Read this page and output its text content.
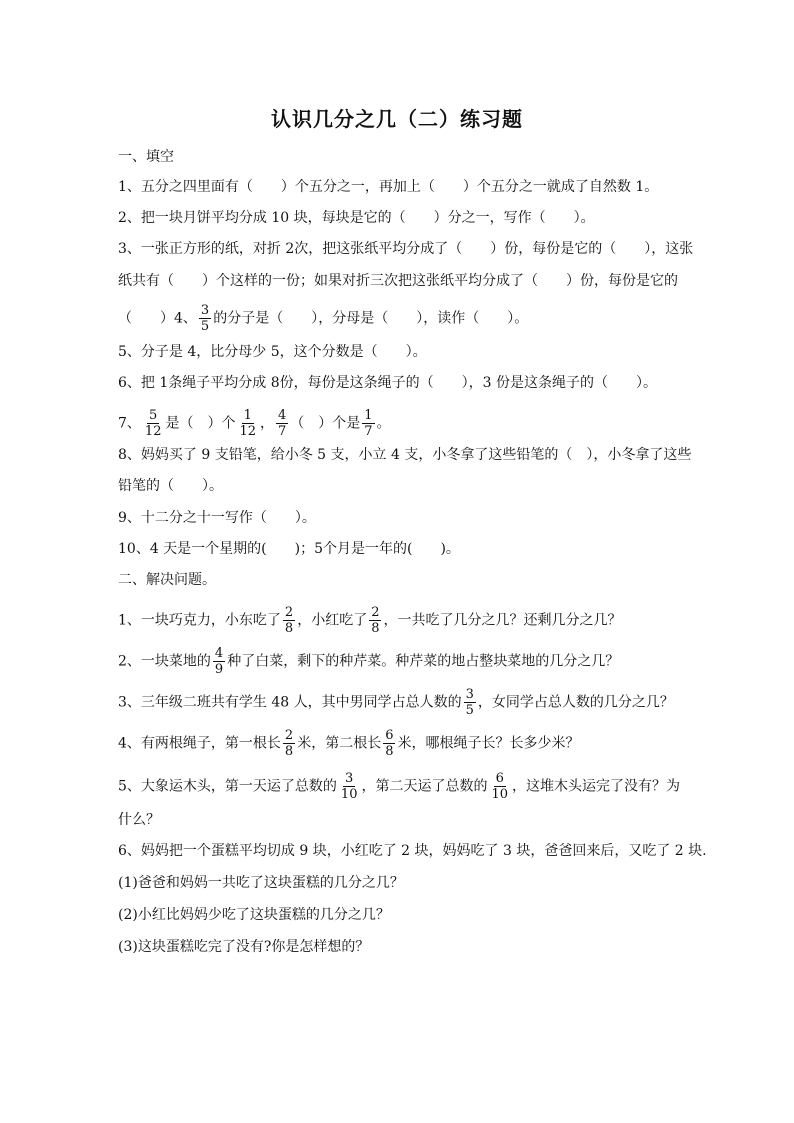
认识几分之几（二）练习题
一、填空
1、五分之四里面有（　　）个五分之一，再加上（　　）个五分之一就成了自然数 1。
2、把一块月饼平均分成 10 块，每块是它的（　　）分之一，写作（　　）。
3、一张正方形的纸，对折 2次，把这张纸平均分成了（　　）份，每份是它的（　　），这张
纸共有（　　）个这样的一份；如果对折三次把这张纸平均分成了（　　）份，每份是它的
（　　）4、 $\frac{3}{5}$ 的分子是（　　），分母是（　　），读作（　　）。
5、分子是 4，比分母少 5，这个分数是（　　）。
6、把 1条绳子平均分成 8份，每份是这条绳子的（　　），3 份是这条绳子的（　　）。
7、 $\frac{5}{12}$ 是（　）个 $\frac{1}{12}$ ， $\frac{4}{7}$ （　）个是 $\frac{1}{7}$ 。
8、妈妈买了 9 支铅笔，给小冬 5 支，小立 4 支，小冬拿了这些铅笔的（　），小冬拿了这些
铅笔的（　　）。
9、十二分之十一写作（　　）。
10、4 天是一个星期的(　　)；5个月是一年的(　　)。
二、解决问题。
1、一块巧克力，小东吃了 $\frac{2}{8}$ ，小红吃了 $\frac{2}{8}$ ，一共吃了几分之几？还剩几分之几？
2、一块菜地的 $\frac{4}{9}$ 种了白菜，剩下的种芹菜。种芹菜的地占整块菜地的几分之几？
3、三年级二班共有学生 48 人，其中男同学占总人数的 $\frac{3}{5}$ ，女同学占总人数的几分之几？
4、有两根绳子，第一根长 $\frac{2}{8}$ 米，第二根长 $\frac{6}{8}$ 米，哪根绳子长？长多少米？
5、大象运木头，第一天运了总数的 $\frac{3}{10}$ ，第二天运了总数的 $\frac{6}{10}$ ，这堆木头运完了没有？为
什么？
6、妈妈把一个蛋糕平均切成 9 块，小红吃了 2 块，妈妈吃了 3 块，爸爸回来后，又吃了 2 块.
(1)爸爸和妈妈一共吃了这块蛋糕的几分之几？
(2)小红比妈妈少吃了这块蛋糕的几分之几？
(3)这块蛋糕吃完了没有?你是怎样想的？
